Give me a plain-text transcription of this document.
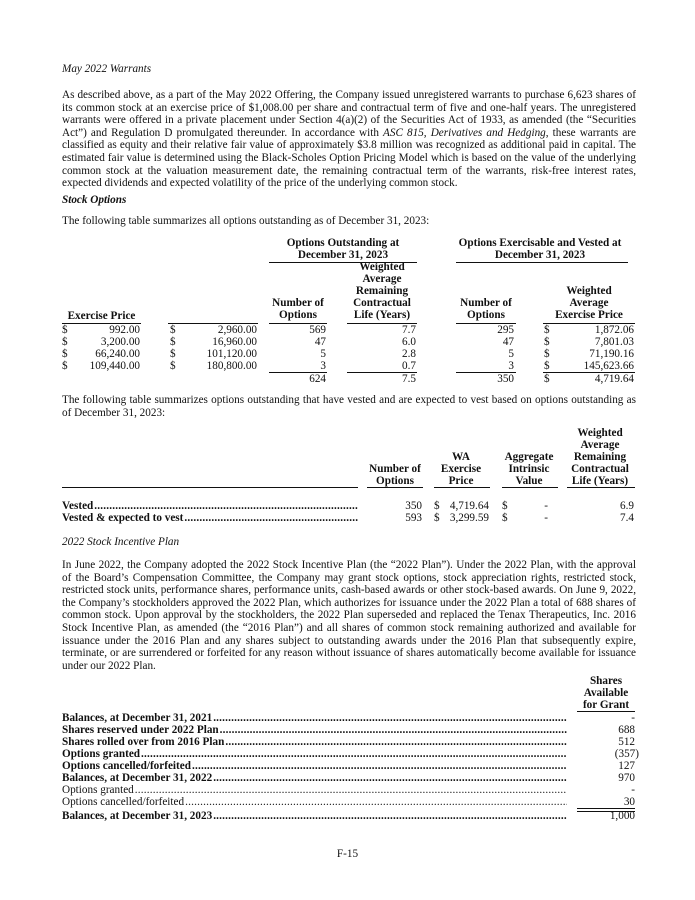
May 2022 Warrants
As described above, as a part of the May 2022 Offering, the Company issued unregistered warrants to purchase 6,623 shares of its common stock at an exercise price of $1,008.00 per share and contractual term of five and one-half years. The unregistered warrants were offered in a private placement under Section 4(a)(2) of the Securities Act of 1933, as amended (the “Securities Act”) and Regulation D promulgated thereunder. In accordance with ASC 815, Derivatives and Hedging, these warrants are classified as equity and their relative fair value of approximately $3.8 million was recognized as additional paid in capital. The estimated fair value is determined using the Black-Scholes Option Pricing Model which is based on the value of the underlying common stock at the valuation measurement date, the remaining contractual term of the warrants, risk-free interest rates, expected dividends and expected volatility of the price of the underlying common stock.
Stock Options
The following table summarizes all options outstanding as of December 31, 2023:
Options Outstanding at
December 31, 2023
Options Exercisable and Vested at
December 31, 2023
Exercise Price
Number of
Options
Weighted
Average
Remaining
Contractual
Life (Years)
Number of
Options
Weighted
Average
Exercise Price
$	992.00	$	2,960.00	569	7.7	295	$	1,872.06
$	3,200.00	$	16,960.00	47	6.0	47	$	7,801.03
$	66,240.00	$	101,120.00	5	2.8	5	$	71,190.16
$	109,440.00	$	180,800.00	3	0.7	3	$	145,623.66
624	7.5	350	$	4,719.64
The following table summarizes options outstanding that have vested and are expected to vest based on options outstanding as of December 31, 2023:
Number of
Options
WA
Exercise
Price
Aggregate
Intrinsic
Value
Weighted
Average
Remaining
Contractual
Life (Years)
Vested .....	350 $ 4,719.64 $	-	6.9
Vested & expected to vest .....	593 $ 3,299.59 $	-	7.4
2022 Stock Incentive Plan
In June 2022, the Company adopted the 2022 Stock Incentive Plan (the “2022 Plan”). Under the 2022 Plan, with the approval of the Board’s Compensation Committee, the Company may grant stock options, stock appreciation rights, restricted stock, restricted stock units, performance shares, performance units, cash-based awards or other stock-based awards. On June 9, 2022, the Company’s stockholders approved the 2022 Plan, which authorizes for issuance under the 2022 Plan a total of 688 shares of common stock. Upon approval by the stockholders, the 2022 Plan superseded and replaced the Tenax Therapeutics, Inc. 2016 Stock Incentive Plan, as amended (the “2016 Plan”) and all shares of common stock remaining authorized and available for issuance under the 2016 Plan and any shares subject to outstanding awards under the 2016 Plan that subsequently expire, terminate, or are surrendered or forfeited for any reason without issuance of shares automatically become available for issuance under our 2022 Plan.
Shares
Available
for Grant
Balances, at December 31, 2021 .....	-
Shares reserved under 2022 Plan .....	688
Shares rolled over from 2016 Plan .....	512
Options granted .....	(357)
Options cancelled/forfeited .....	127
Balances, at December 31, 2022 .....	970
Options granted .....	-
Options cancelled/forfeited .....	30
Balances, at December 31, 2023 .....	1,000
F-15
